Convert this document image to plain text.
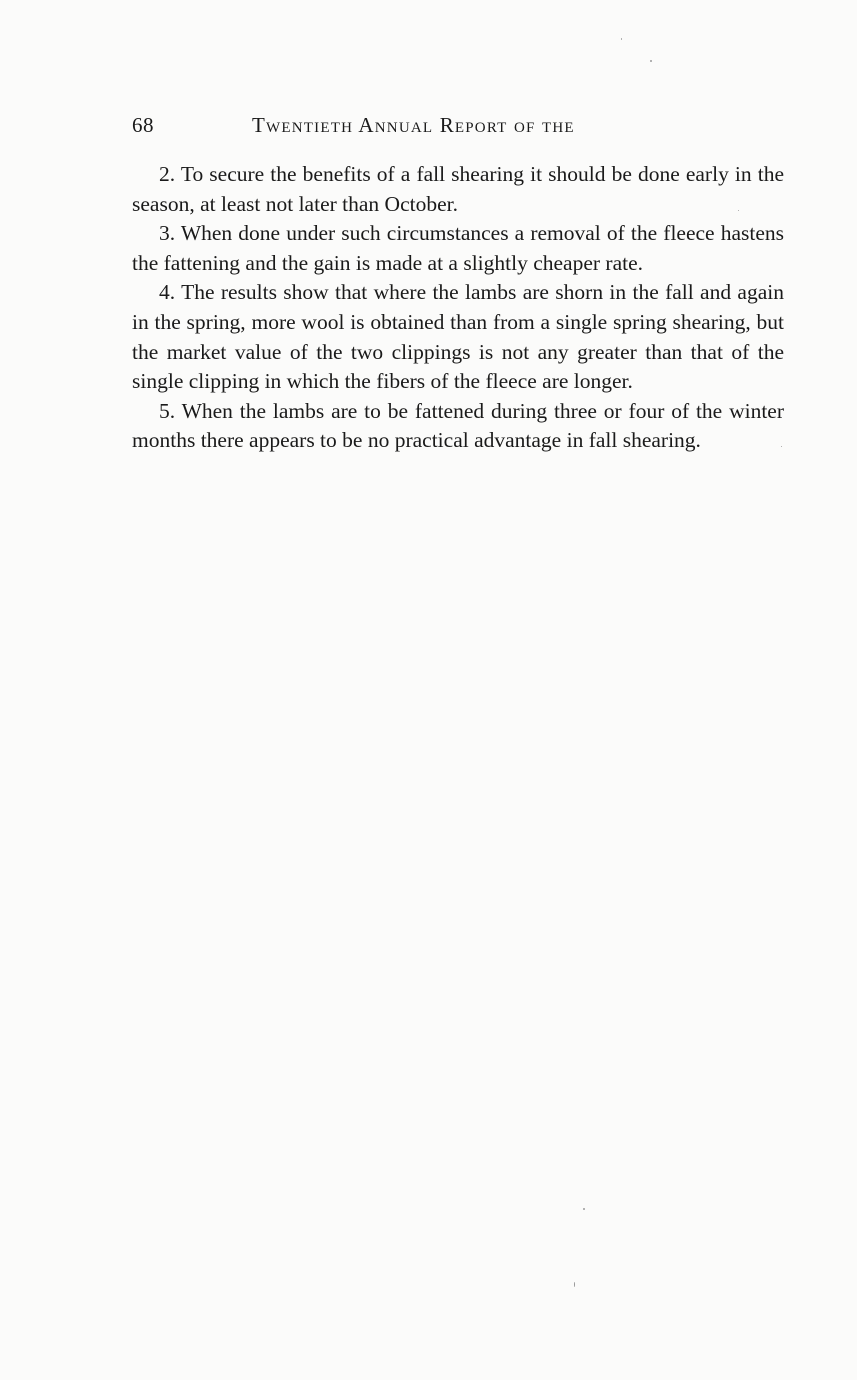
68	Twentieth Annual Report of the

2. To secure the benefits of a fall shearing it should be done early in the season, at least not later than October.

3. When done under such circumstances a removal of the fleece hastens the fattening and the gain is made at a slightly cheaper rate.

4. The results show that where the lambs are shorn in the fall and again in the spring, more wool is obtained than from a single spring shearing, but the market value of the two clippings is not any greater than that of the single clipping in which the fibers of the fleece are longer.

5. When the lambs are to be fattened during three or four of the winter months there appears to be no practical advantage in fall shearing.
